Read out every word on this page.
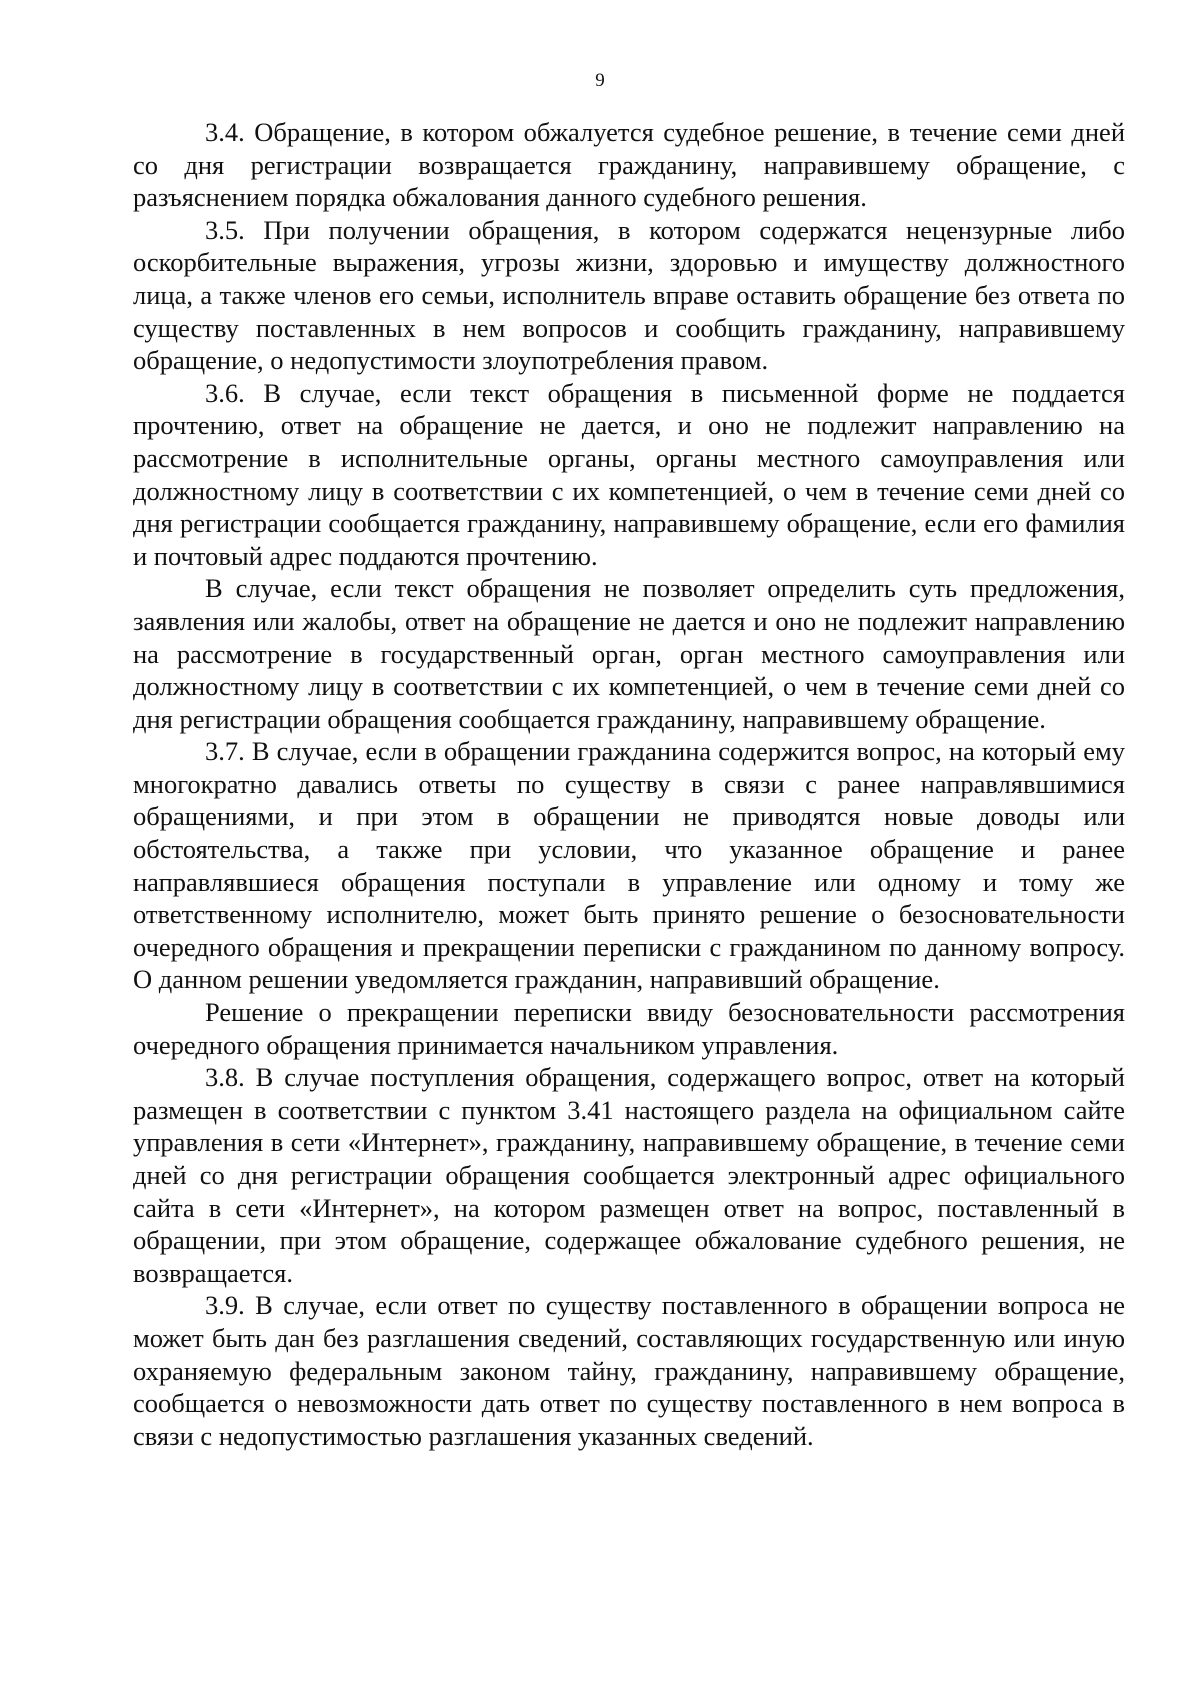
9

3.4. Обращение, в котором обжалуется судебное решение, в течение семи дней со дня регистрации возвращается гражданину, направившему обращение, с разъяснением порядка обжалования данного судебного решения.

3.5. При получении обращения, в котором содержатся нецензурные либо оскорбительные выражения, угрозы жизни, здоровью и имуществу должностного лица, а также членов его семьи, исполнитель вправе оставить обращение без ответа по существу поставленных в нем вопросов и сообщить гражданину, направившему обращение, о недопустимости злоупотребления правом.

3.6. В случае, если текст обращения в письменной форме не поддается прочтению, ответ на обращение не дается, и оно не подлежит направлению на рассмотрение в исполнительные органы, органы местного самоуправления или должностному лицу в соответствии с их компетенцией, о чем в течение семи дней со дня регистрации сообщается гражданину, направившему обращение, если его фамилия и почтовый адрес поддаются прочтению.

В случае, если текст обращения не позволяет определить суть предложения, заявления или жалобы, ответ на обращение не дается и оно не подлежит направлению на рассмотрение в государственный орган, орган местного самоуправления или должностному лицу в соответствии с их компетенцией, о чем в течение семи дней со дня регистрации обращения сообщается гражданину, направившему обращение.

3.7. В случае, если в обращении гражданина содержится вопрос, на который ему многократно давались ответы по существу в связи с ранее направлявшимися обращениями, и при этом в обращении не приводятся новые доводы или обстоятельства, а также при условии, что указанное обращение и ранее направлявшиеся обращения поступали в управление или одному и тому же ответственному исполнителю, может быть принято решение о безосновательности очередного обращения и прекращении переписки с гражданином по данному вопросу. О данном решении уведомляется гражданин, направивший обращение.

Решение о прекращении переписки ввиду безосновательности рассмотрения очередного обращения принимается начальником управления.

3.8. В случае поступления обращения, содержащего вопрос, ответ на который размещен в соответствии с пунктом 3.41 настоящего раздела на официальном сайте управления в сети «Интернет», гражданину, направившему обращение, в течение семи дней со дня регистрации обращения сообщается электронный адрес официального сайта в сети «Интернет», на котором размещен ответ на вопрос, поставленный в обращении, при этом обращение, содержащее обжалование судебного решения, не возвращается.

3.9. В случае, если ответ по существу поставленного в обращении вопроса не может быть дан без разглашения сведений, составляющих государственную или иную охраняемую федеральным законом тайну, гражданину, направившему обращение, сообщается о невозможности дать ответ по существу поставленного в нем вопроса в связи с недопустимостью разглашения указанных сведений.
